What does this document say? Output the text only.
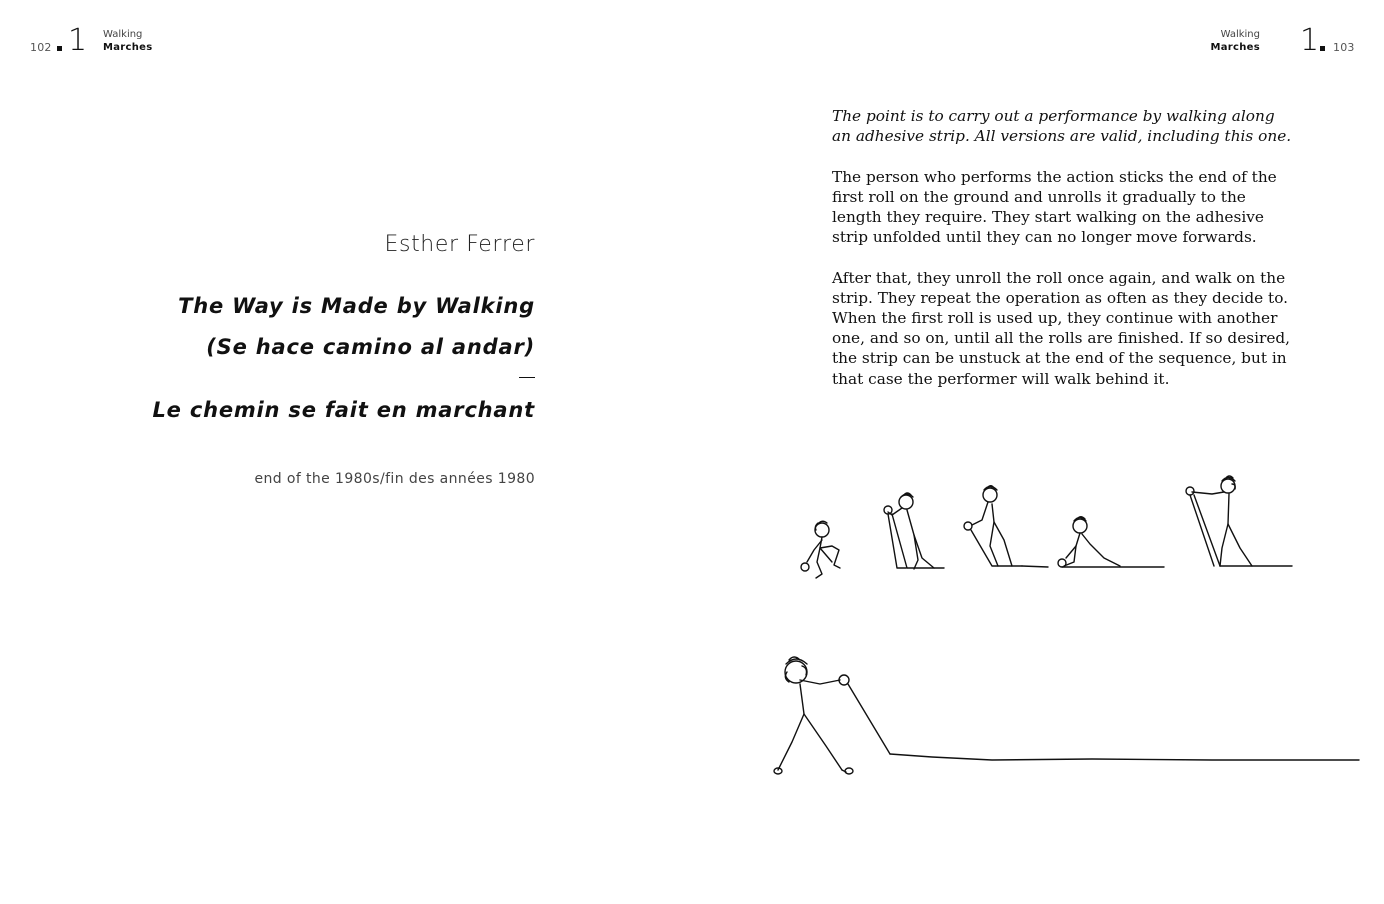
102 1 Walking
Marches
Esther Ferrer
The Way is Made by Walking
(Se hace camino al andar)
Le chemin se fait en marchant
end of the 1980s/fin des années 1980
Walking
Marches 1 103

The point is to carry out a performance by walking along an adhesive strip. All versions are valid, including this one.

The person who performs the action sticks the end of the first roll on the ground and unrolls it gradually to the length they require. They start walking on the adhesive strip unfolded until they can no longer move forwards.

After that, they unroll the roll once again, and walk on the strip. They repeat the operation as often as they decide to. When the first roll is used up, they continue with another one, and so on, until all the rolls are finished. If so desired, the strip can be unstuck at the end of the sequence, but in that case the performer will walk behind it.
